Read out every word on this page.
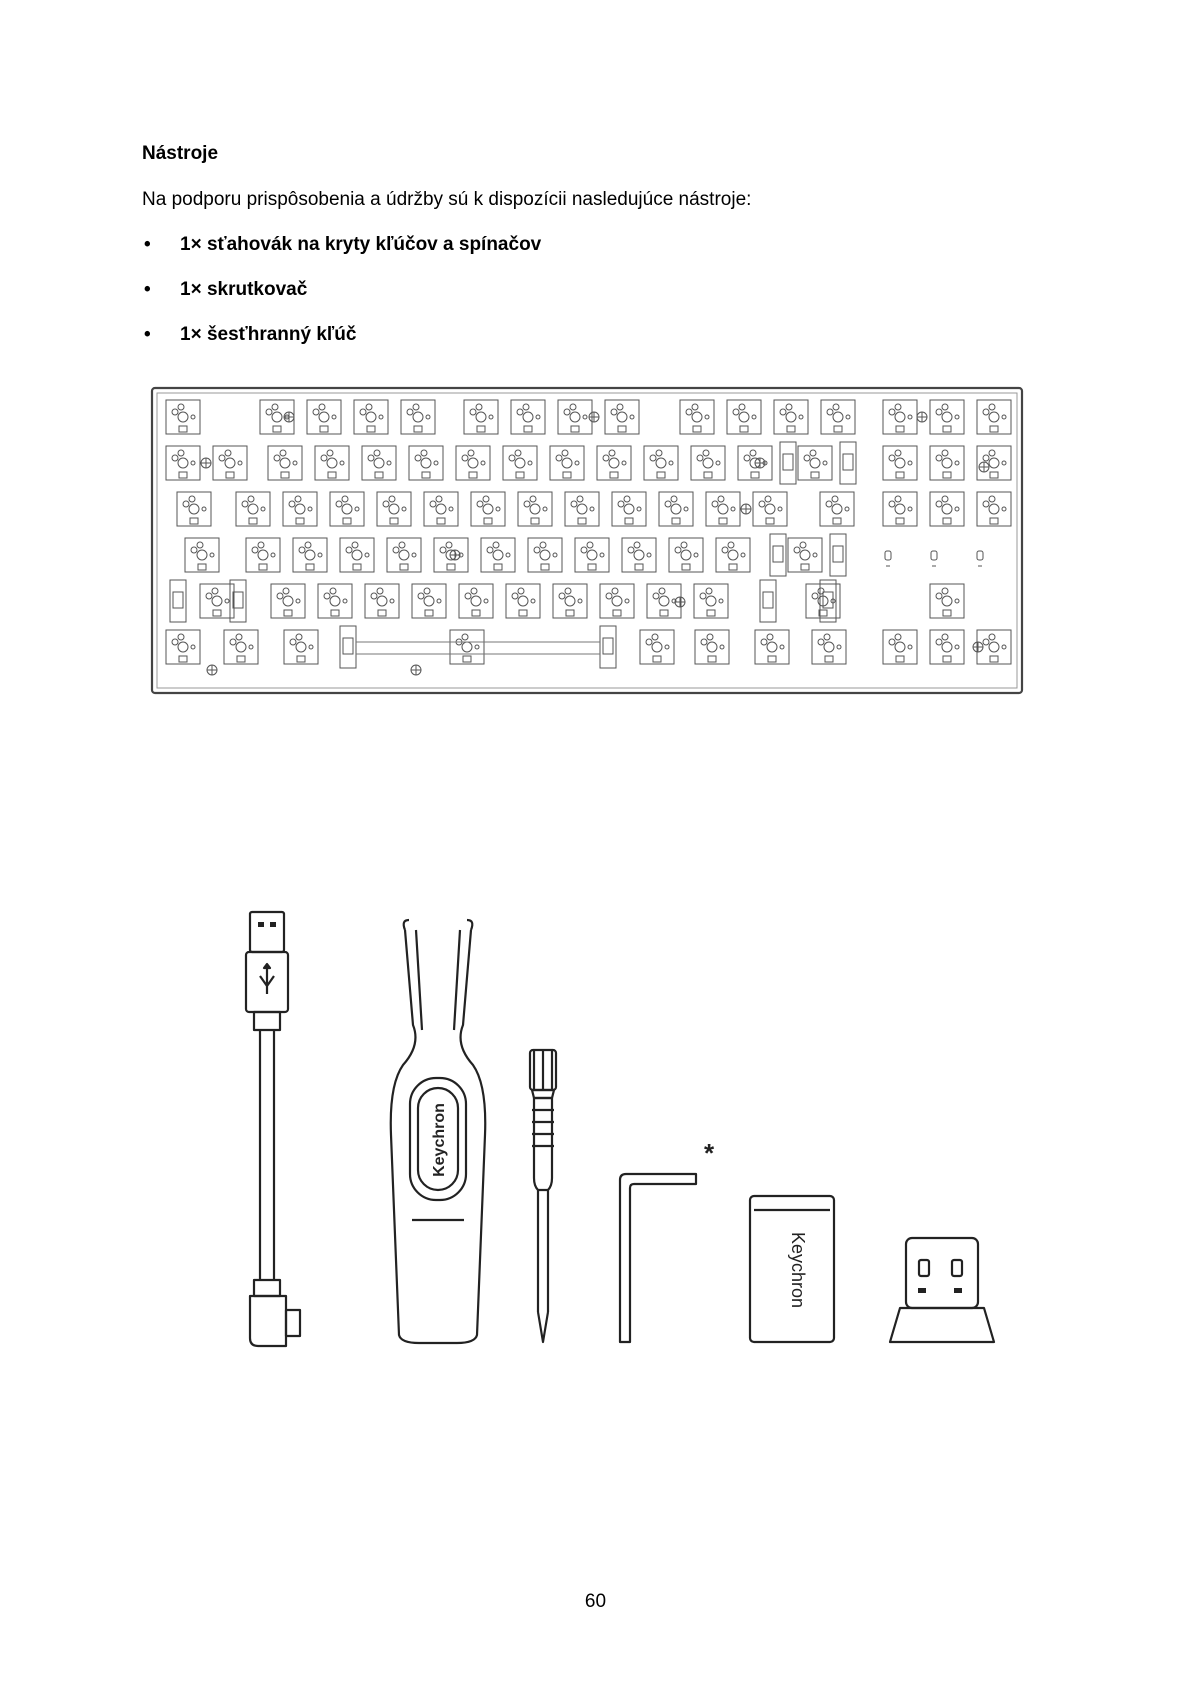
Nástroje

Na podporu prispôsobenia a údržby sú k dispozícii nasledujúce nástroje:

•	1× sťahovák na kryty kľúčov a spínačov
•	1× skrutkovač
•	1× šesťhranný kľúč
Keychron	*
Keychron
60
